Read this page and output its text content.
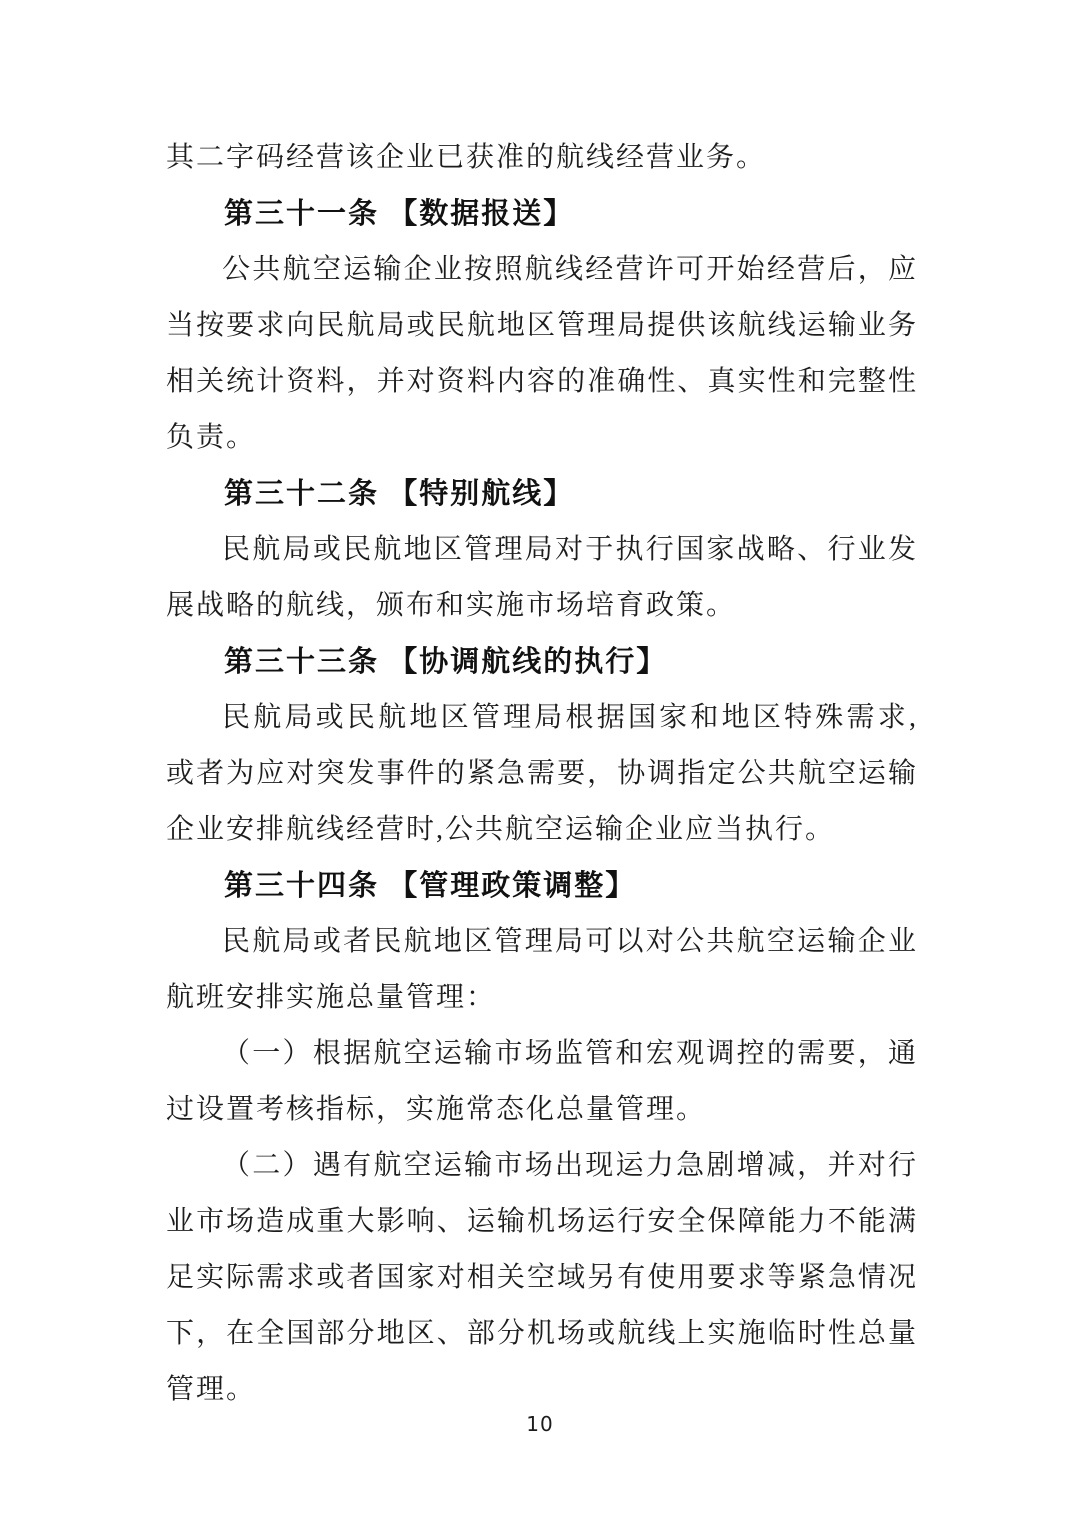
其二字码经营该企业已获准的航线经营业务。

第三十一条 【数据报送】

公共航空运输企业按照航线经营许可开始经营后，应当按要求向民航局或民航地区管理局提供该航线运输业务相关统计资料，并对资料内容的准确性、真实性和完整性负责。

第三十二条 【特别航线】

民航局或民航地区管理局对于执行国家战略、行业发展战略的航线，颁布和实施市场培育政策。

第三十三条 【协调航线的执行】

民航局或民航地区管理局根据国家和地区特殊需求,或者为应对突发事件的紧急需要，协调指定公共航空运输企业安排航线经营时,公共航空运输企业应当执行。

第三十四条 【管理政策调整】

民航局或者民航地区管理局可以对公共航空运输企业航班安排实施总量管理：

（一）根据航空运输市场监管和宏观调控的需要，通过设置考核指标，实施常态化总量管理。

（二）遇有航空运输市场出现运力急剧增减，并对行业市场造成重大影响、运输机场运行安全保障能力不能满足实际需求或者国家对相关空域另有使用要求等紧急情况下，在全国部分地区、部分机场或航线上实施临时性总量管理。

10
